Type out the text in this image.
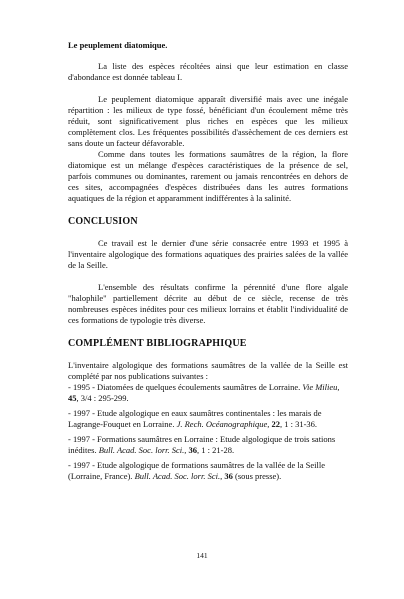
Le peuplement diatomique.

La liste des espèces récoltées ainsi que leur estimation en classe d'abondance est donnée tableau I.

Le peuplement diatomique apparaît diversifié mais avec une inégale répartition : les milieux de type fossé, bénéficiant d'un écoulement même très réduit, sont significativement plus riches en espèces que les milieux complètement clos. Les fréquentes possibilités d'assèchement de ces derniers est sans doute un facteur défavorable.

Comme dans toutes les formations saumâtres de la région, la flore diatomique est un mélange d'espèces caractéristiques de la présence de sel, parfois communes ou dominantes, rarement ou jamais rencontrées en dehors de ces sites, accompagnées d'espèces distribuées dans les autres formations aquatiques de la région et apparamment indifférentes à la salinité.

CONCLUSION

Ce travail est le dernier d'une série consacrée entre 1993 et 1995 à l'inventaire algologique des formations aquatiques des prairies salées de la vallée de la Seille.

L'ensemble des résultats confirme la pérennité d'une flore algale "halophile" partiellement décrite au début de ce siècle, recense de très nombreuses espèces inédites pour ces milieux lorrains et établit l'individualité de ces formations de typologie très diverse.

COMPLÉMENT BIBLIOGRAPHIQUE

L'inventaire algologique des formations saumâtres de la vallée de la Seille est complété par nos publications suivantes :

- 1995 - Diatomées de quelques écoulements saumâtres de Lorraine. Vie Milieu, 45, 3/4 : 295-299.
- 1997 - Etude algologique en eaux saumâtres continentales : les marais de Lagrange-Fouquet en Lorraine. J. Rech. Océanographique, 22, 1 : 31-36.
- 1997 - Formations saumâtres en Lorraine : Etude algologique de trois sations inédites. Bull. Acad. Soc. lorr. Sci., 36, 1 : 21-28.
- 1997 - Etude algologique de formations saumâtres de la vallée de la Seille (Lorraine, France). Bull. Acad. Soc. lorr. Sci., 36 (sous presse).
141
